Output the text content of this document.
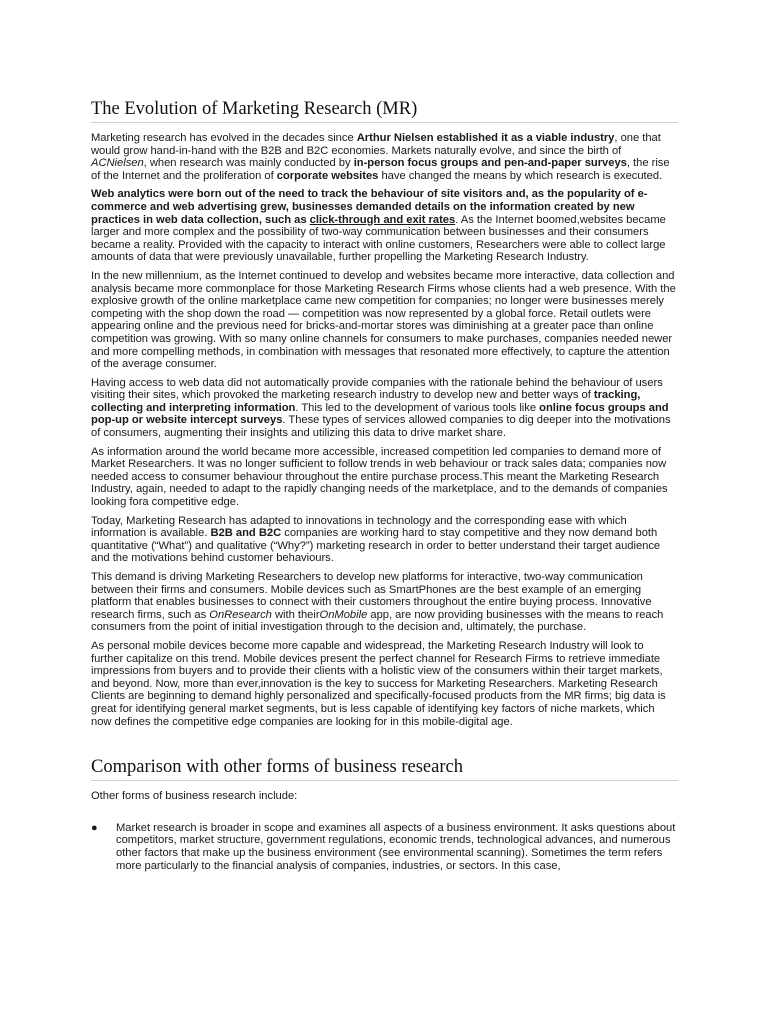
The Evolution of Marketing Research (MR)

Marketing research has evolved in the decades since Arthur Nielsen established it as a viable industry, one that would grow hand-in-hand with the B2B and B2C economies. Markets naturally evolve, and since the birth of ACNielsen, when research was mainly conducted by in-person focus groups and pen-and-paper surveys, the rise of the Internet and the proliferation of corporate websites have changed the means by which research is executed.

Web analytics were born out of the need to track the behaviour of site visitors and, as the popularity of e-commerce and web advertising grew, businesses demanded details on the information created by new practices in web data collection, such as click-through and exit rates. As the Internet boomed,websites became larger and more complex and the possibility of two-way communication between businesses and their consumers became a reality. Provided with the capacity to interact with online customers, Researchers were able to collect large amounts of data that were previously unavailable, further propelling the Marketing Research Industry.

In the new millennium, as the Internet continued to develop and websites became more interactive, data collection and analysis became more commonplace for those Marketing Research Firms whose clients had a web presence. With the explosive growth of the online marketplace came new competition for companies; no longer were businesses merely competing with the shop down the road — competition was now represented by a global force. Retail outlets were appearing online and the previous need for bricks-and-mortar stores was diminishing at a greater pace than online competition was growing. With so many online channels for consumers to make purchases, companies needed newer and more compelling methods, in combination with messages that resonated more effectively, to capture the attention of the average consumer.

Having access to web data did not automatically provide companies with the rationale behind the behaviour of users visiting their sites, which provoked the marketing research industry to develop new and better ways of tracking, collecting and interpreting information. This led to the development of various tools like online focus groups and pop-up or website intercept surveys. These types of services allowed companies to dig deeper into the motivations of consumers, augmenting their insights and utilizing this data to drive market share.

As information around the world became more accessible, increased competition led companies to demand more of Market Researchers. It was no longer sufficient to follow trends in web behaviour or track sales data; companies now needed access to consumer behaviour throughout the entire purchase process.This meant the Marketing Research Industry, again, needed to adapt to the rapidly changing needs of the marketplace, and to the demands of companies looking fora competitive edge.

Today, Marketing Research has adapted to innovations in technology and the corresponding ease with which information is available. B2B and B2C companies are working hard to stay competitive and they now demand both quantitative (“What”) and qualitative (“Why?”) marketing research in order to better understand their target audience and the motivations behind customer behaviours.

This demand is driving Marketing Researchers to develop new platforms for interactive, two-way communication between their firms and consumers. Mobile devices such as SmartPhones are the best example of an emerging platform that enables businesses to connect with their customers throughout the entire buying process. Innovative research firms, such as OnResearch with theirOnMobile app, are now providing businesses with the means to reach consumers from the point of initial investigation through to the decision and, ultimately, the purchase.

As personal mobile devices become more capable and widespread, the Marketing Research Industry will look to further capitalize on this trend. Mobile devices present the perfect channel for Research Firms to retrieve immediate impressions from buyers and to provide their clients with a holistic view of the consumers within their target markets, and beyond. Now, more than ever,innovation is the key to success for Marketing Researchers. Marketing Research Clients are beginning to demand highly personalized and specifically-focused products from the MR firms; big data is great for identifying general market segments, but is less capable of identifying key factors of niche markets, which now defines the competitive edge companies are looking for in this mobile-digital age.

Comparison with other forms of business research

Other forms of business research include:

● Market research is broader in scope and examines all aspects of a business environment. It asks questions about competitors, market structure, government regulations, economic trends, technological advances, and numerous other factors that make up the business environment (see environmental scanning). Sometimes the term refers more particularly to the financial analysis of companies, industries, or sectors. In this case,
